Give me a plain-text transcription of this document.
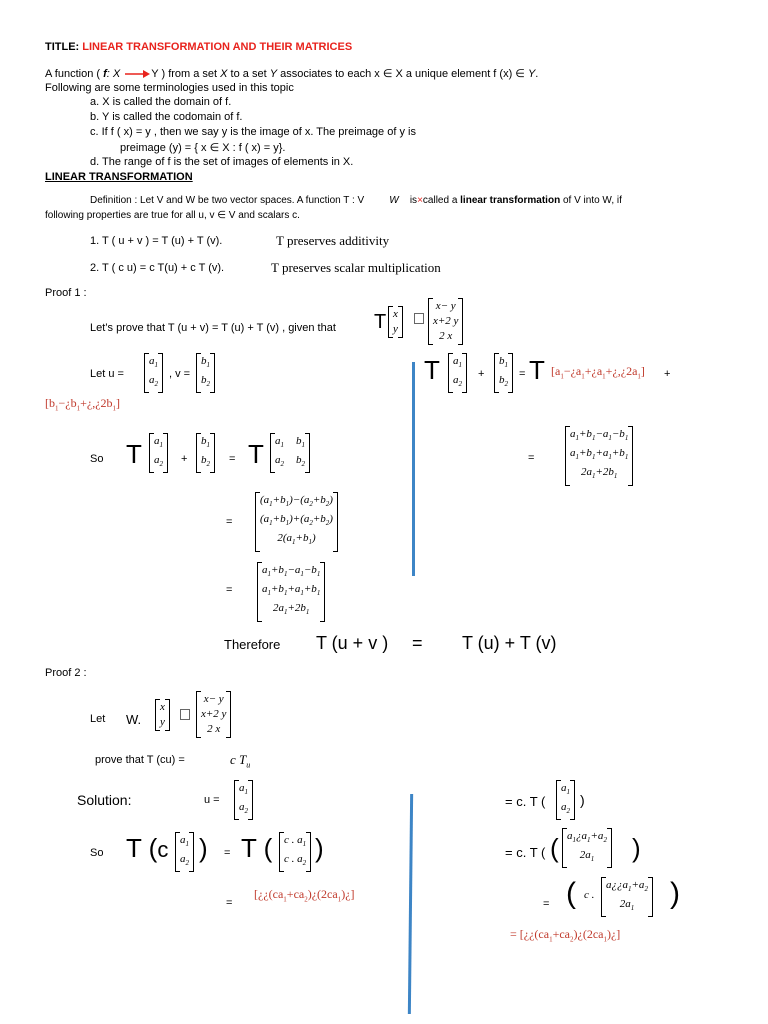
TITLE: LINEAR TRANSFORMATION AND THEIR MATRICES
A function ( f: X	Y ) from a set X to a set Y associates to each x ∈ X a unique element f (x) ∈ Y.
Following are some terminologies used in this topic
a. X is called the domain of f.
b. Y is called the codomain of f.
c. If f ( x) = y , then we say y is the image of x. The preimage of y is
preimage (y) = { x ∈ X : f ( x) = y}.
d. The range of f is the set of images of elements in X.
LINEAR TRANSFORMATION
Definition : Let V and W be two vector spaces. A function T : V	W is×called a linear transformation of V into W, if
following properties are true for all u, v ∈ V and scalars c.
1. T ( u + v ) = T (u) + T (v).	T preserves additivity
2. T ( c u) = c T(u) + c T (v).	T preserves scalar multiplication
Proof 1 :
Let’s prove that T (u + v) = T (u) + T (v) , given that T x
y
x− y
x+2 y
2 x
Let u =
$a_1$
$a_2$
, v =
$b_1$
$b_2$
$[b_1-¿b_1+¿,¿2b_1]$
So T $a_1$
$a_2$ +
$b_1$
$b_2 = T$ $a_1$ $b_1$
$a_2$ $b_2$
=
$(a_1+b_1)-(a_2+b_2)$
$(a_1+b_1)+(a_2+b_2)$
$2(a_1+b_1)$
=
$a_1+b_1-a_1-b_1$
$a_1+b_1+a_1+b_1$
$2a_1+2b_1$
T $a_1$
$a_2$
+
$b_1$
$b_2$
= T $[a_1-¿a_1+¿a_1+¿,¿2a_1]$ +
=
$a_1+b_1-a_1-b_1$
$a_1+b_1+a_1+b_1$
$2a_1+2b_1$
Therefore T (u + v ) = T (u) + T (v)
Proof 2 :
Let W.
x
y
x− y
x+2 y
2 x
prove that T (cu) =	c $T_u$
Solution:	u =
$a_1$
$a_2$
So T (c $a_1$
$a_2$
) = T ( c . $a_1$
c . $a_2$
)
=
$[¿¿(ca_1+ca_2)¿(2ca_1)¿]$
= c. T (
$a_1$
$a_2$
)
= c. T ( ( $a_1¿a_1+a_2$
$2a_1$	)
= ( c .
$a¿¿a_1+a_2$
$2a_1$	)
= $[¿¿(ca_1+ca_2)¿(2ca_1)¿]$
